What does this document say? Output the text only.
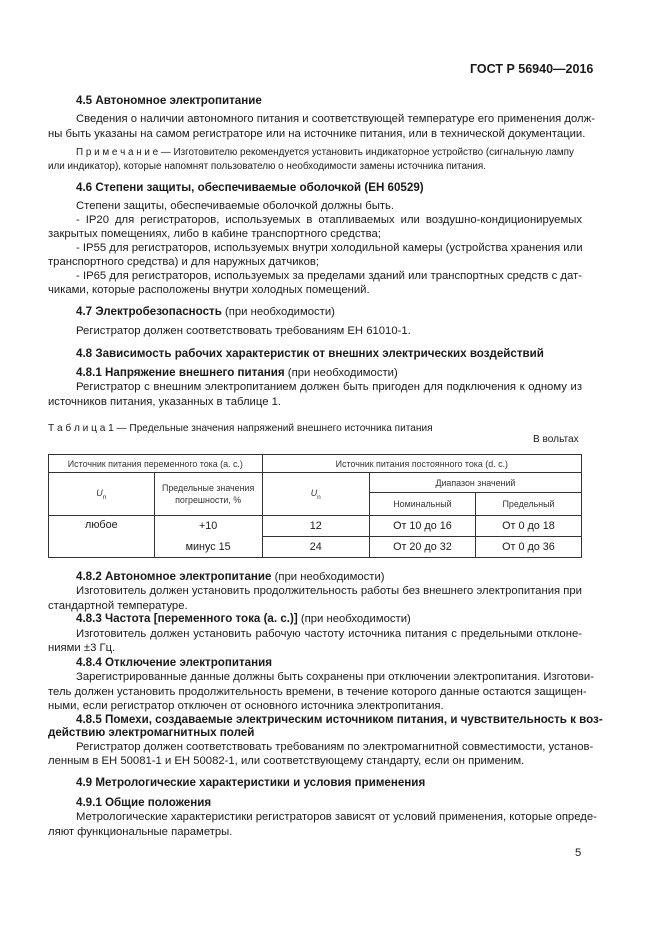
ГОСТ Р 56940—2016
4.5 Автономное электропитание
Сведения о наличии автономного питания и соответствующей температуре его применения долж-
ны быть указаны на самом регистраторе или на источнике питания, или в технической документации.
П р и м е ч а н и е — Изготовителю рекомендуется установить индикаторное устройство (сигнальную лампу
или индикатор), которые напомнят пользователю о необходимости замены источника питания.
4.6 Степени защиты, обеспечиваемые оболочкой (ЕН 60529)
Степени защиты, обеспечиваемые оболочкой должны быть.
- IP20 для регистраторов, используемых в отапливаемых или воздушно-кондиционируемых
закрытых помещениях, либо в кабине транспортного средства;
- IP55 для регистраторов, используемых внутри холодильной камеры (устройства хранения или
транспортного средства) и для наружных датчиков;
- IP65 для регистраторов, используемых за пределами зданий или транспортных средств с дат-
чиками, которые расположены внутри холодных помещений.
4.7 Электробезопасность (при необходимости)
Регистратор должен соответствовать требованиям ЕН 61010-1.
4.8 Зависимость рабочих характеристик от внешних электрических воздействий
4.8.1 Напряжение внешнего питания (при необходимости)
Регистратор с внешним электропитанием должен быть пригоден для подключения к одному из
источников питания, указанных в таблице 1.
Т а б л и ц а 1 — Предельные значения напряжений внешнего источника питания
В вольтах
Источник питания переменного тока (а. с.)		Источник питания постоянного тока (d. с.)		
$U_n$	Предельные значения погрешности, %	$U_n$	Диапазон значений	
			Номинальный	Предельный
любое	+10	12	От 10 до 16	От 0 до 18
	минус 15	24	От 20 до 32	От 0 до 36
4.8.2 Автономное электропитание (при необходимости)
Изготовитель должен установить продолжительность работы без внешнего электропитания при
стандартной температуре.
4.8.3 Частота [переменного тока (а. с.)] (при необходимости)
Изготовитель должен установить рабочую частоту источника питания с предельными отклоне-
ниями ±3 Гц.
4.8.4 Отключение электропитания
Зарегистрированные данные должны быть сохранены при отключении электропитания. Изготови-
тель должен установить продолжительность времени, в течение которого данные остаются защищен-
ными, если регистратор отключен от основного источника электропитания.
4.8.5 Помехи, создаваемые электрическим источником питания, и чувствительность к воз-
действию электромагнитных полей
Регистратор должен соответствовать требованиям по электромагнитной совместимости, установ-
ленным в ЕН 50081-1 и ЕН 50082-1, или соответствующему стандарту, если он применим.
4.9 Метрологические характеристики и условия применения
4.9.1 Общие положения
Метрологические характеристики регистраторов зависят от условий применения, которые опреде-
ляют функциональные параметры.
5
